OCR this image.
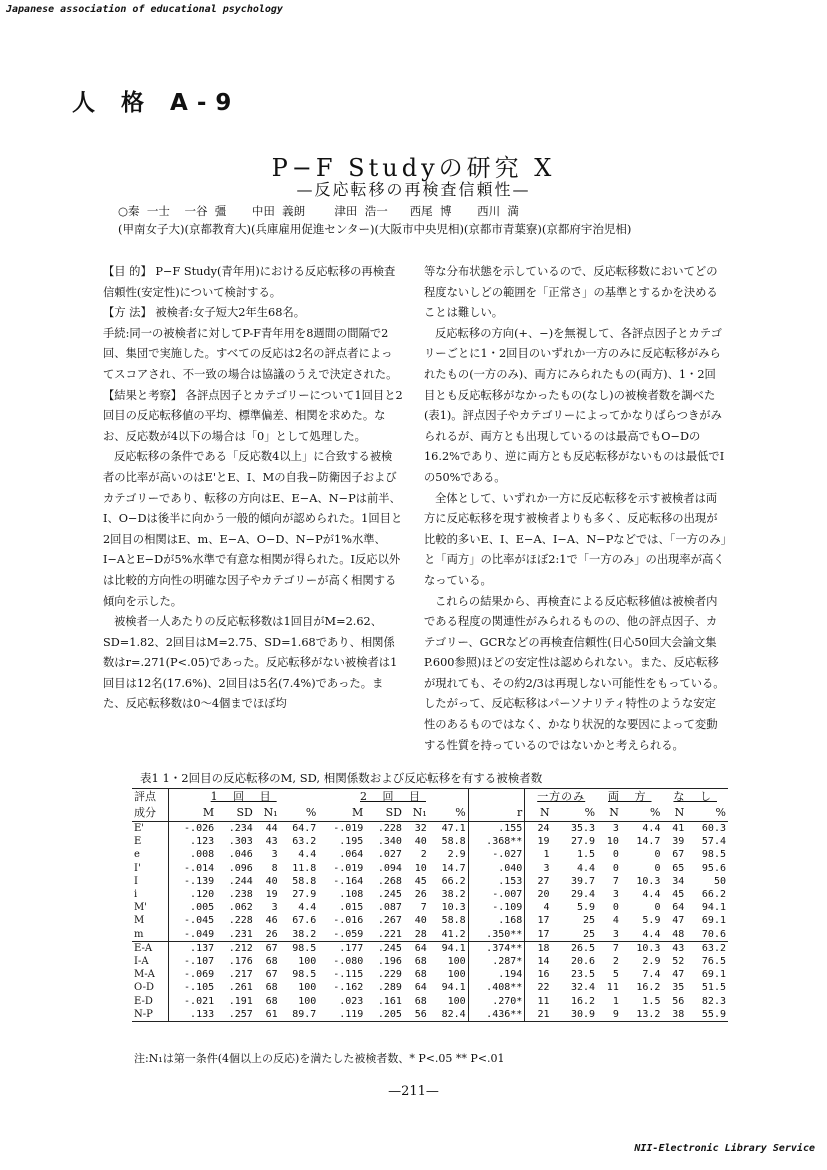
Japanese association of educational psychology
人 格 A-9
P−F Studyの研究 X
—反応転移の再検査信頼性—
○秦  一士    一谷  彊       中田  義朗        津田  浩一      西尾  博       西川  満
(甲南女子大)(京都教育大)(兵庫雇用促進センター)(大阪市中央児相)(京都市青葉寮)(京都府宇治児相)

【目 的】 P−F Study(青年用)における反応転移の再検査信頼性(安定性)について検討する。

【方 法】 被検者:女子短大2年生68名。

手続:同一の被検者に対してP-F青年用を8週間の間隔で2回、集団で実施した。すべての反応は2名の評点者によってスコアされ、不一致の場合は協議のうえで決定された。

【結果と考察】 各評点因子とカテゴリーについて1回目と2回目の反応転移値の平均、標準偏差、相関を求めた。なお、反応数が4以下の場合は「0」として処理した。

反応転移の条件である「反応数4以上」に合致する被検者の比率が高いのはE'とE、I、Mの自我−防衛因子およびカテゴリーであり、転移の方向はE、E−A、N−Pは前半、I、O−Dは後半に向かう一般的傾向が認められた。1回目と2回目の相関はE、m、E−A、O−D、N−Pが1%水準、I−AとE−Dが5%水準で有意な相関が得られた。I反応以外は比較的方向性の明確な因子やカテゴリーが高く相関する傾向を示した。

被検者一人あたりの反応転移数は1回目がM=2.62、SD=1.82、2回目はM=2.75、SD=1.68であり、相関係数はr=.271(P<.05)であった。反応転移がない被検者は1回目は12名(17.6%)、2回目は5名(7.4%)であった。また、反応転移数は0〜4個までほぼ均

等な分布状態を示しているので、反応転移数においてどの程度ないしどの範囲を「正常さ」の基準とするかを決めることは難しい。

反応転移の方向(+、−)を無視して、各評点因子とカテゴリーごとに1・2回目のいずれか一方のみに反応転移がみられたもの(一方のみ)、両方にみられたもの(両方)、1・2回目とも反応転移がなかったもの(なし)の被検者数を調べた(表1)。評点因子やカテゴリーによってかなりばらつきがみられるが、両方とも出現しているのは最高でもO−Dの16.2%であり、逆に両方とも反応転移がないものは最低でI の50%である。

全体として、いずれか一方に反応転移を示す被検者は両方に反応転移を現す被検者よりも多く、反応転移の出現が比較的多いE、I、E−A、I−A、N−Pなどでは、「一方のみ」と「両方」の比率がほぼ2:1で「一方のみ」の出現率が高くなっている。

これらの結果から、再検査による反応転移値は被検者内である程度の関連性がみられるものの、他の評点因子、カテゴリー、GCRなどの再検査信頼性(日心50回大会論文集 P.600参照)ほどの安定性は認められない。また、反応転移が現れても、その約2/3は再現しない可能性をもっている。したがって、反応転移はパーソナリティ特性のような安定性のあるものではなく、かなり状況的な要因によって変動する性質を持っているのではないかと考えられる。

表1 1・2回目の反応転移のM, SD, 相関係数および反応転移を有する被検者数
評点	1 回 目				2 回 目					一方のみ		両 方		な し	
成分	M	SD	N₁	%	M	SD	N₁	%	r	N	%	N	%	N	%
E'	-.026	.234	44	64.7	-.019	.228	32	47.1	.155	24	35.3	3	4.4	41	60.3
E	.123	.303	43	63.2	.195	.340	40	58.8	.368**	19	27.9	10	14.7	39	57.4
e	.008	.046	3	4.4	.064	.027	2	2.9	-.027	1	1.5	0	0	67	98.5
I'	-.014	.096	8	11.8	-.019	.094	10	14.7	.040	3	4.4	0	0	65	95.6
I	-.139	.244	40	58.8	-.164	.268	45	66.2	.153	27	39.7	7	10.3	34	50
i	.120	.238	19	27.9	.108	.245	26	38.2	-.007	20	29.4	3	4.4	45	66.2
M'	.005	.062	3	4.4	.015	.087	7	10.3	-.109	4	5.9	0	0	64	94.1
M	-.045	.228	46	67.6	-.016	.267	40	58.8	.168	17	25	4	5.9	47	69.1
m	-.049	.231	26	38.2	-.059	.221	28	41.2	.350**	17	25	3	4.4	48	70.6
E-A	.137	.212	67	98.5	.177	.245	64	94.1	.374**	18	26.5	7	10.3	43	63.2
I-A	-.107	.176	68	100	-.080	.196	68	100	.287*	14	20.6	2	2.9	52	76.5
M-A	-.069	.217	67	98.5	-.115	.229	68	100	.194	16	23.5	5	7.4	47	69.1
O-D	-.105	.261	68	100	-.162	.289	64	94.1	.408**	22	32.4	11	16.2	35	51.5
E-D	-.021	.191	68	100	.023	.161	68	100	.270*	11	16.2	1	1.5	56	82.3
N-P	.133	.257	61	89.7	.119	.205	56	82.4	.436**	21	30.9	9	13.2	38	55.9
注:N₁は第一条件(4個以上の反応)を満たした被検者数、* P<.05 ** P<.01
—211—
NII-Electronic Library Service
